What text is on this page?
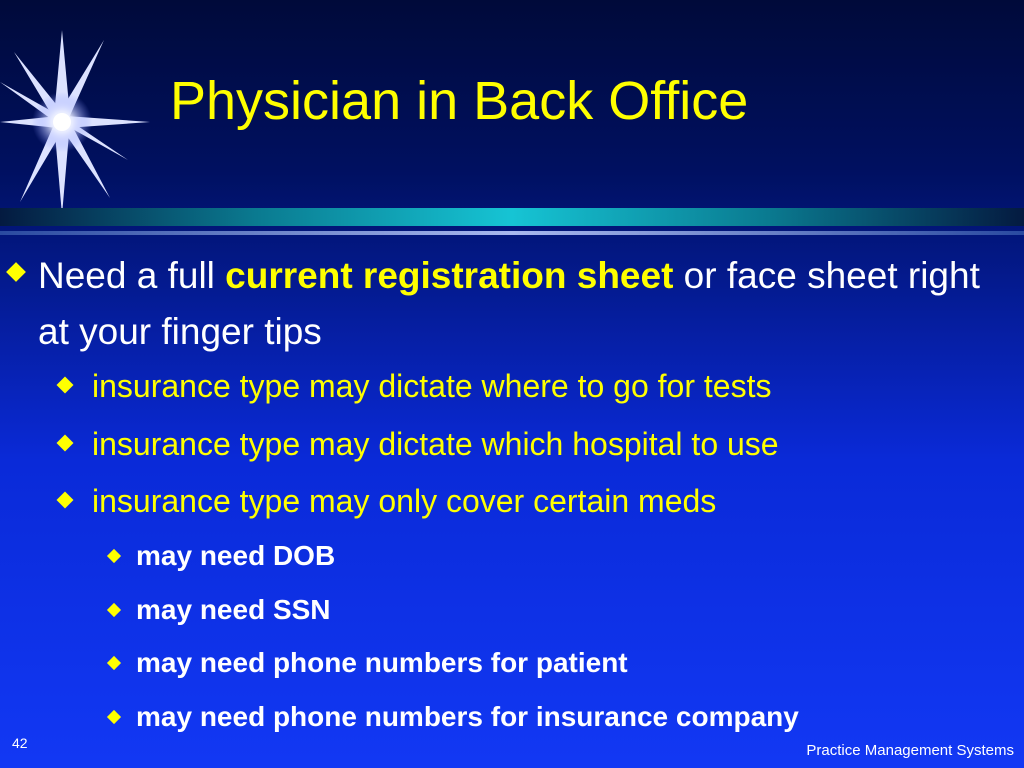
Physician in Back Office
Need a full current registration sheet or face sheet right at your finger tips
insurance type may dictate where to go for tests
insurance type may dictate which hospital to use
insurance type may only cover certain meds
may need DOB
may need SSN
may need phone numbers for patient
may need phone numbers for insurance company
42	Practice Management Systems
